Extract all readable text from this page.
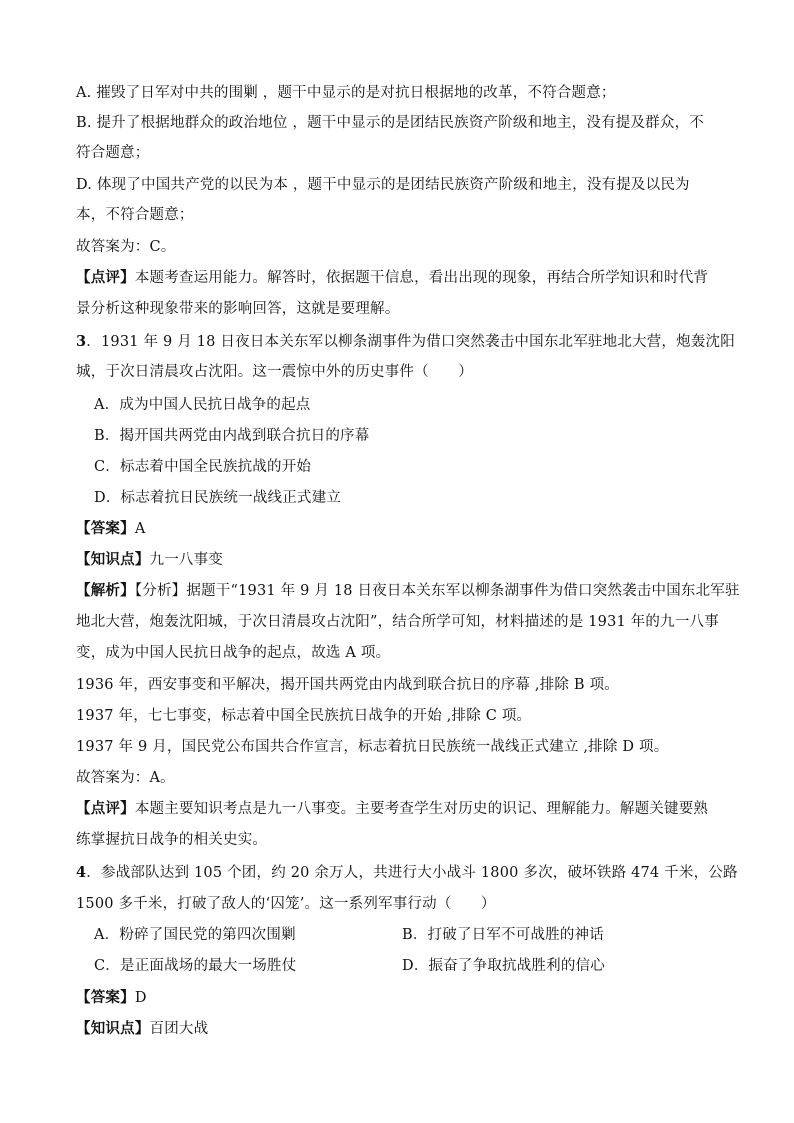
A. 摧毁了日军对中共的围剿 ，题干中显示的是对抗日根据地的改革，不符合题意；
B. 提升了根据地群众的政治地位 ，题干中显示的是团结民族资产阶级和地主，没有提及群众，不
符合题意；
D. 体现了中国共产党的以民为本 ，题干中显示的是团结民族资产阶级和地主，没有提及以民为
本，不符合题意；
故答案为：C。
【点评】本题考查运用能力。解答时，依据题干信息，看出出现的现象，再结合所学知识和时代背
景分析这种现象带来的影响回答，这就是要理解。
3．1931 年 9 月 18 日夜日本关东军以柳条湖事件为借口突然袭击中国东北军驻地北大营，炮轰沈阳
城，于次日清晨攻占沈阳。这一震惊中外的历史事件（　　）
A．成为中国人民抗日战争的起点
B．揭开国共两党由内战到联合抗日的序幕
C．标志着中国全民族抗战的开始
D．标志着抗日民族统一战线正式建立
【答案】A
【知识点】九一八事变
【解析】【分析】据题干“1931 年 9 月 18 日夜日本关东军以柳条湖事件为借口突然袭击中国东北军驻
地北大营，炮轰沈阳城，于次日清晨攻占沈阳”，结合所学可知，材料描述的是 1931 年的九一八事
变，成为中国人民抗日战争的起点，故选 A 项。
1936 年，西安事变和平解决，揭开国共两党由内战到联合抗日的序幕 ,排除 B 项。
1937 年，七七事变，标志着中国全民族抗日战争的开始 ,排除 C 项。
1937 年 9 月，国民党公布国共合作宣言，标志着抗日民族统一战线正式建立 ,排除 D 项。
故答案为：A。
【点评】本题主要知识考点是九一八事变。主要考查学生对历史的识记、理解能力。解题关键要熟
练掌握抗日战争的相关史实。
4．参战部队达到 105 个团，约 20 余万人，共进行大小战斗 1800 多次，破坏铁路 474 千米，公路
1500 多千米，打破了敌人的‘囚笼’。这一系列军事行动（　　）
A．粉碎了国民党的第四次围剿	B．打破了日军不可战胜的神话
C．是正面战场的最大一场胜仗	D．振奋了争取抗战胜利的信心
【答案】D
【知识点】百团大战
